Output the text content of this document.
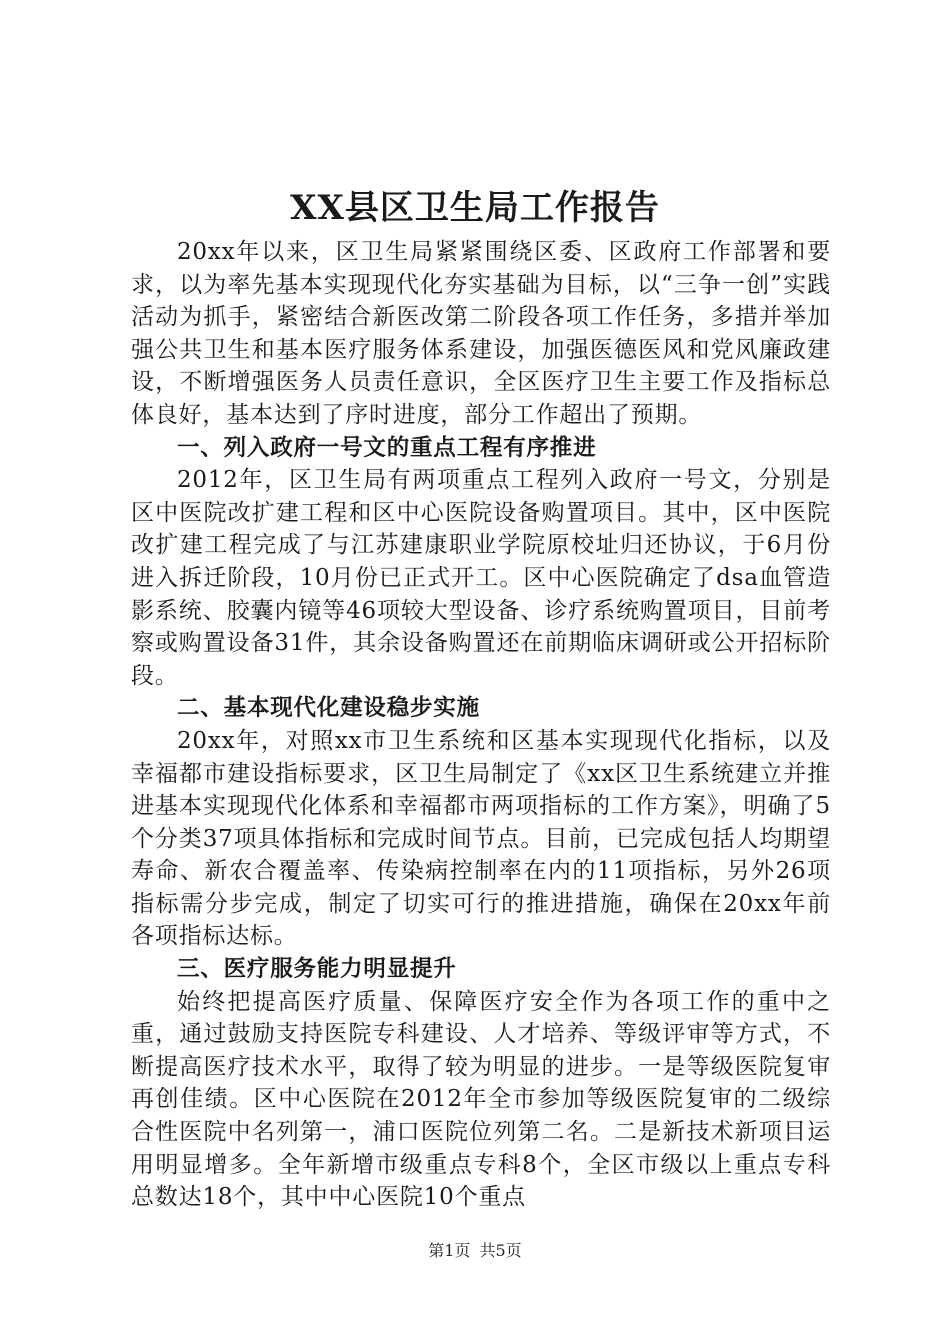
XX县区卫生局工作报告

20xx年以来，区卫生局紧紧围绕区委、区政府工作部署和要求，以为率先基本实现现代化夯实基础为目标，以“三争一创”实践活动为抓手，紧密结合新医改第二阶段各项工作任务，多措并举加强公共卫生和基本医疗服务体系建设，加强医德医风和党风廉政建设，不断增强医务人员责任意识，全区医疗卫生主要工作及指标总体良好，基本达到了序时进度，部分工作超出了预期。

一、列入政府一号文的重点工程有序推进

2012年，区卫生局有两项重点工程列入政府一号文，分别是区中医院改扩建工程和区中心医院设备购置项目。其中，区中医院改扩建工程完成了与江苏建康职业学院原校址归还协议，于6月份进入拆迁阶段，10月份已正式开工。区中心医院确定了dsa血管造影系统、胶囊内镜等46项较大型设备、诊疗系统购置项目，目前考察或购置设备31件，其余设备购置还在前期临床调研或公开招标阶段。

二、基本现代化建设稳步实施

20xx年，对照xx市卫生系统和区基本实现现代化指标，以及幸福都市建设指标要求，区卫生局制定了《xx区卫生系统建立并推进基本实现现代化体系和幸福都市两项指标的工作方案》，明确了5个分类37项具体指标和完成时间节点。目前，已完成包括人均期望寿命、新农合覆盖率、传染病控制率在内的11项指标，另外26项指标需分步完成，制定了切实可行的推进措施，确保在20xx年前各项指标达标。

三、医疗服务能力明显提升

始终把提高医疗质量、保障医疗安全作为各项工作的重中之重，通过鼓励支持医院专科建设、人才培养、等级评审等方式，不断提高医疗技术水平，取得了较为明显的进步。一是等级医院复审再创佳绩。区中心医院在2012年全市参加等级医院复审的二级综合性医院中名列第一，浦口医院位列第二名。二是新技术新项目运用明显增多。全年新增市级重点专科8个，全区市级以上重点专科总数达18个，其中中心医院10个重点

第1页 共5页
